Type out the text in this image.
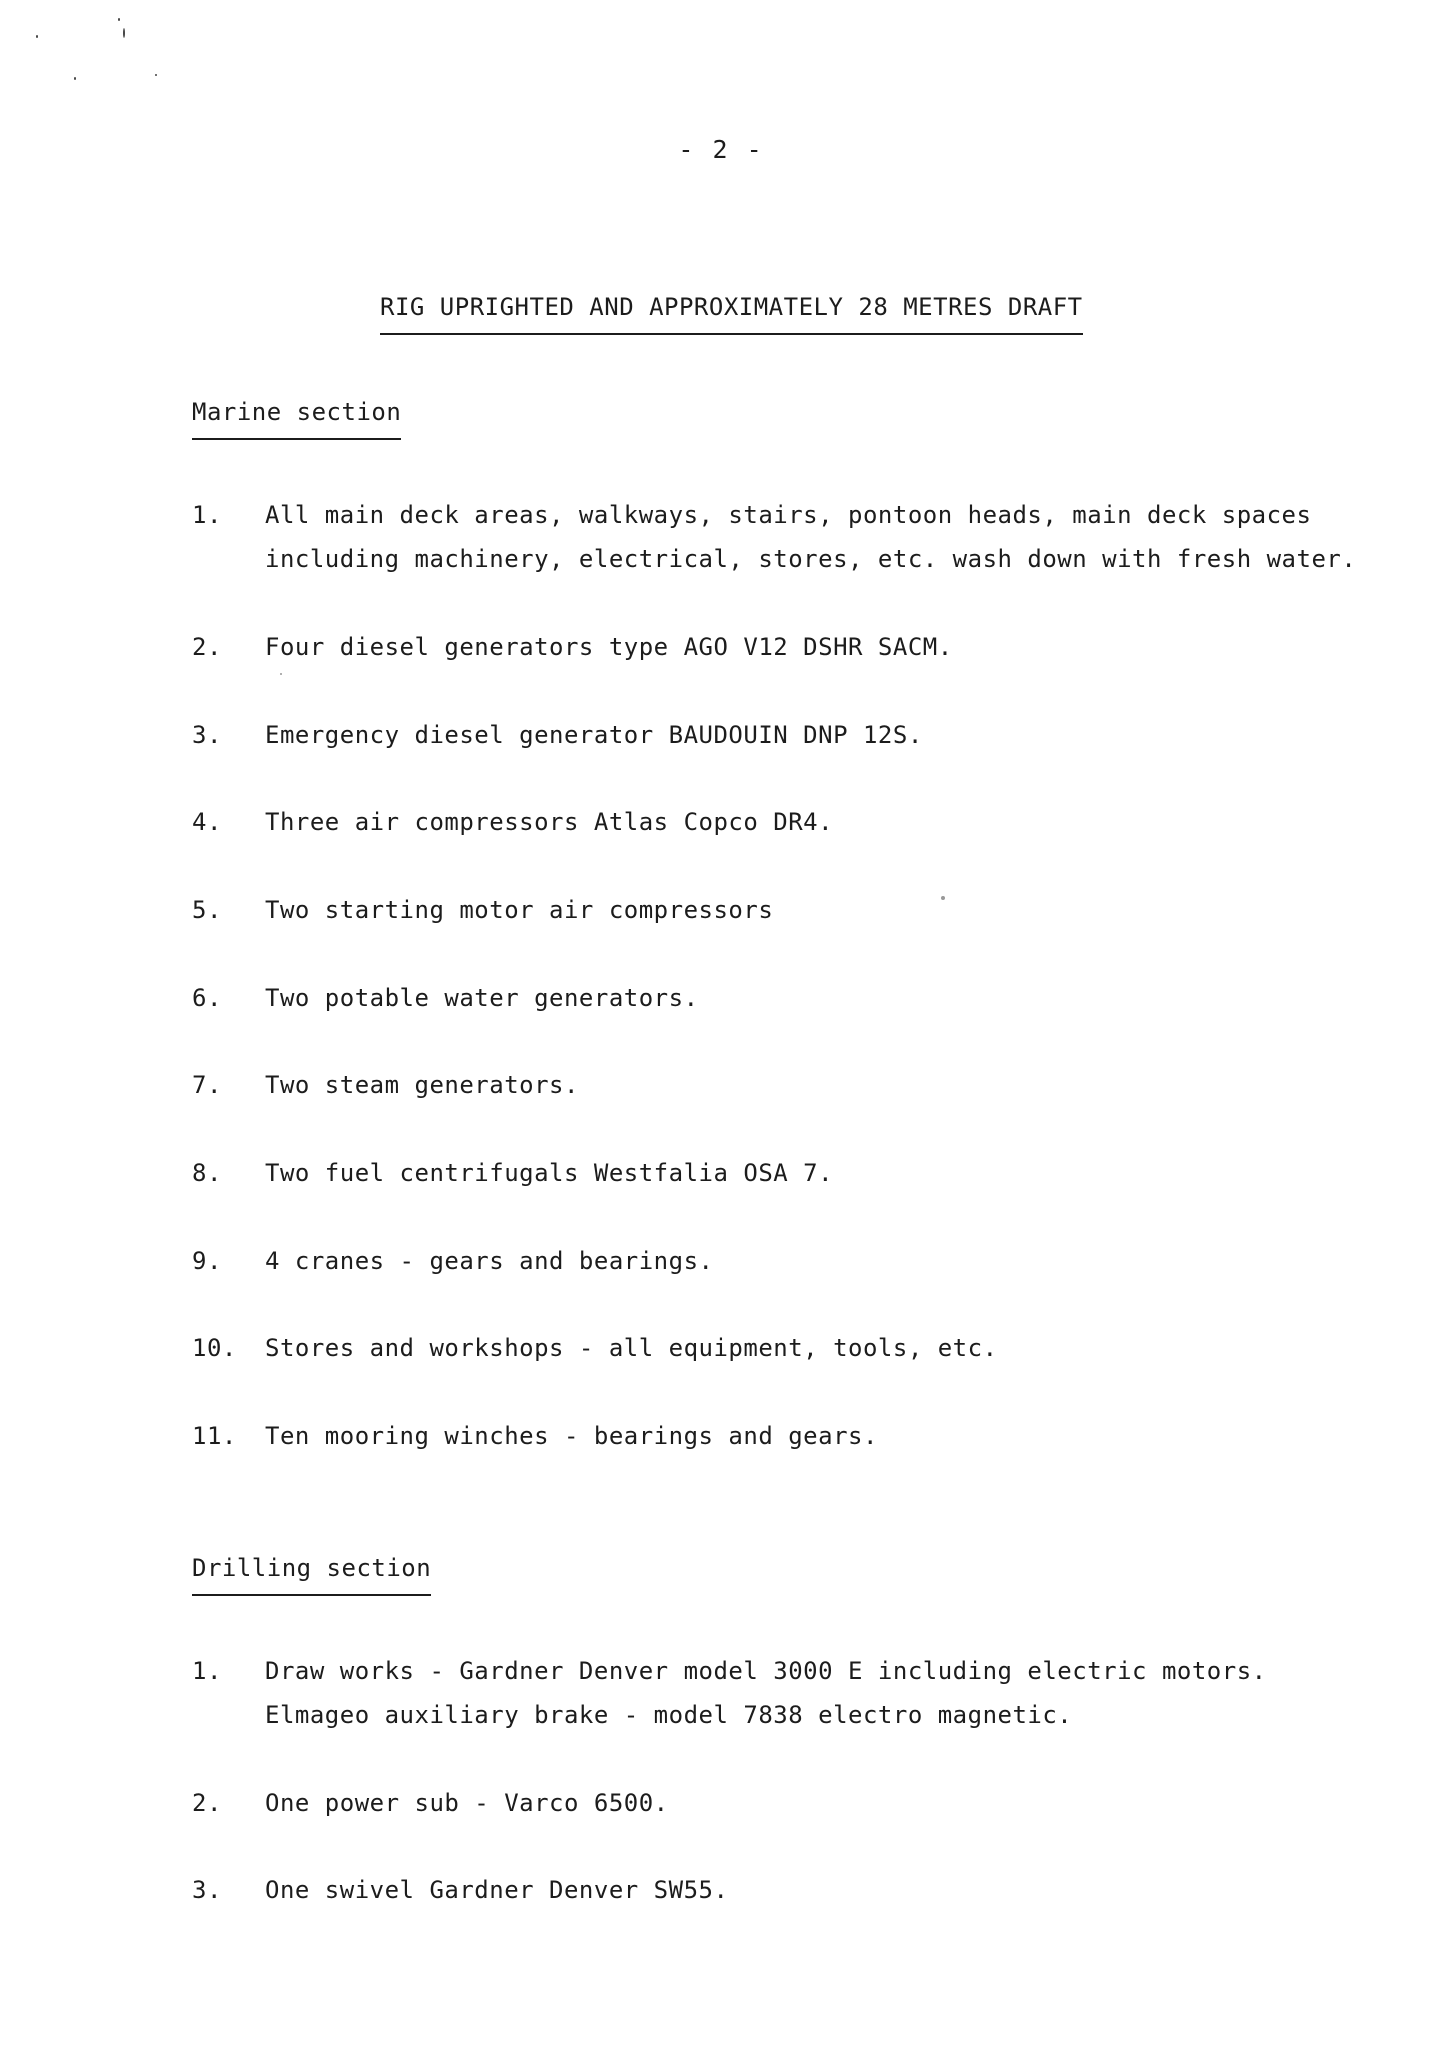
- 2 -
RIG UPRIGHTED AND APPROXIMATELY 28 METRES DRAFT
Marine section
1. All main deck areas, walkways, stairs, pontoon heads, main deck spaces
including machinery, electrical, stores, etc. wash down with fresh water.
2. Four diesel generators type AGO V12 DSHR SACM.
3. Emergency diesel generator BAUDOUIN DNP 12S.
4. Three air compressors Atlas Copco DR4.
5. Two starting motor air compressors
6. Two potable water generators.
7. Two steam generators.
8. Two fuel centrifugals Westfalia OSA 7.
9. 4 cranes - gears and bearings.
10. Stores and workshops - all equipment, tools, etc.
11. Ten mooring winches - bearings and gears.
Drilling section
1. Draw works - Gardner Denver model 3000 E including electric motors.
Elmageo auxiliary brake - model 7838 electro magnetic.
2. One power sub - Varco 6500.
3. One swivel Gardner Denver SW55.
